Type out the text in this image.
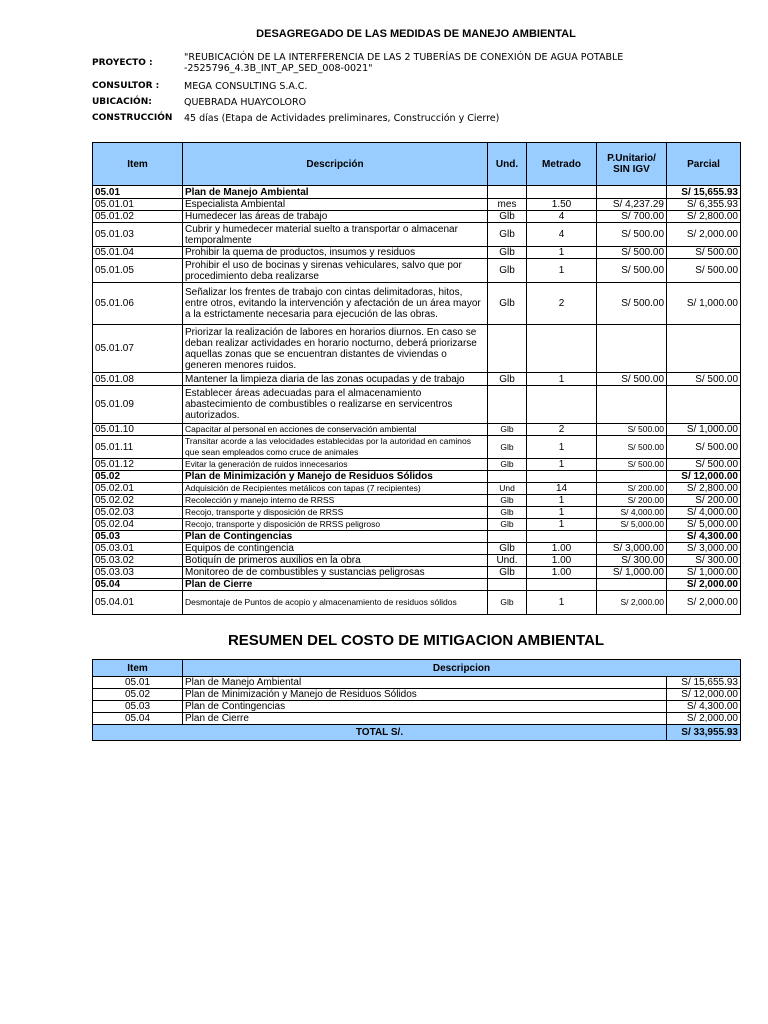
DESAGREGADO DE LAS MEDIDAS DE MANEJO AMBIENTAL
PROYECTO :	"REUBICACIÓN DE LA INTERFERENCIA DE LAS 2 TUBERÍAS DE CONEXIÓN DE AGUA POTABLE -2525796_4.3B_INT_AP_SED_008-0021"
CONSULTOR :	MEGA CONSULTING S.A.C.
UBICACIÓN:	QUEBRADA HUAYCOLORO
CONSTRUCCIÓN 45 días (Etapa de Actividades preliminares, Construcción y Cierre)
Item	Descripción	Und.	Metrado	P.Unitario/ SIN IGV	Parcial
05.01	Plan de Manejo Ambiental				S/ 15,655.93
05.01.01	Especialista Ambiental	mes	1.50	S/ 4,237.29	S/ 6,355.93
05.01.02	Humedecer las áreas de trabajo	Glb	4	S/ 700.00	S/ 2,800.00
05.01.03	Cubrir y humedecer material suelto a transportar o almacenar temporalmente	Glb	4	S/ 500.00	S/ 2,000.00
05.01.04	Prohibir la quema de productos, insumos y residuos	Glb	1	S/ 500.00	S/ 500.00
05.01.05	Prohibir el uso de bocinas y sirenas vehiculares, salvo que por procedimiento deba realizarse	Glb	1	S/ 500.00	S/ 500.00
05.01.06	Señalizar los frentes de trabajo con cintas delimitadoras, hitos, entre otros, evitando la intervención y afectación de un área mayor a la estrictamente necesaria para ejecución de las obras.	Glb	2	S/ 500.00	S/ 1,000.00
05.01.07	Priorizar la realización de labores en horarios diurnos. En caso se deban realizar actividades en horario nocturno, deberá priorizarse aquellas zonas que se encuentran distantes de viviendas o generen menores ruidos.				
05.01.08	Mantener la limpieza diaria de las zonas ocupadas y de trabajo	Glb	1	S/ 500.00	S/ 500.00
05.01.09	Establecer áreas adecuadas para el almacenamiento abastecimiento de combustibles o realizarse en servicentros autorizados.				
05.01.10	Capacitar al personal en acciones de conservación ambiental	Glb	2	S/ 500.00	S/ 1,000.00
05.01.11	Transitar acorde a las velocidades establecidas por la autoridad en caminos que sean empleados como cruce de animales	Glb	1	S/ 500.00	S/ 500.00
05.01.12	Evitar la generación de ruidos innecesarios	Glb	1	S/ 500.00	S/ 500.00
05.02	Plan de Minimización y Manejo de Residuos Sólidos				S/ 12,000.00
05.02.01	Adquisición de Recipientes metálicos con tapas (7 recipientes)	Und	14	S/ 200.00	S/ 2,800.00
05.02.02	Recolección y manejo interno de RRSS	Glb	1	S/ 200.00	S/ 200.00
05.02.03	Recojo, transporte y disposición de RRSS	Glb	1	S/ 4,000.00	S/ 4,000.00
05.02.04	Recojo, transporte y disposición de RRSS peligroso	Glb	1	S/ 5,000.00	S/ 5,000.00
05.03	Plan de Contingencias				S/ 4,300.00
05.03.01	Equipos de contingencia	Glb	1.00	S/ 3,000.00	S/ 3,000.00
05.03.02	Botiquín de primeros auxilios en la obra	Und.	1.00	S/ 300.00	S/ 300.00
05.03.03	Monitoreo de de combustibles y sustancias peligrosas	Glb	1.00	S/ 1,000.00	S/ 1,000.00
05.04	Plan de Cierre				S/ 2,000.00
05.04.01	Desmontaje de Puntos de acopio y almacenamiento de residuos sólidos	Glb	1	S/ 2,000.00	S/ 2,000.00
RESUMEN DEL COSTO DE MITIGACION AMBIENTAL
Item	Descripcion	
05.01	Plan de Manejo Ambiental	S/ 15,655.93
05.02	Plan de Minimización y Manejo de Residuos Sólidos	S/ 12,000.00
05.03	Plan de Contingencias	S/ 4,300.00
05.04	Plan de Cierre	S/ 2,000.00
TOTAL S/.		S/ 33,955.93
